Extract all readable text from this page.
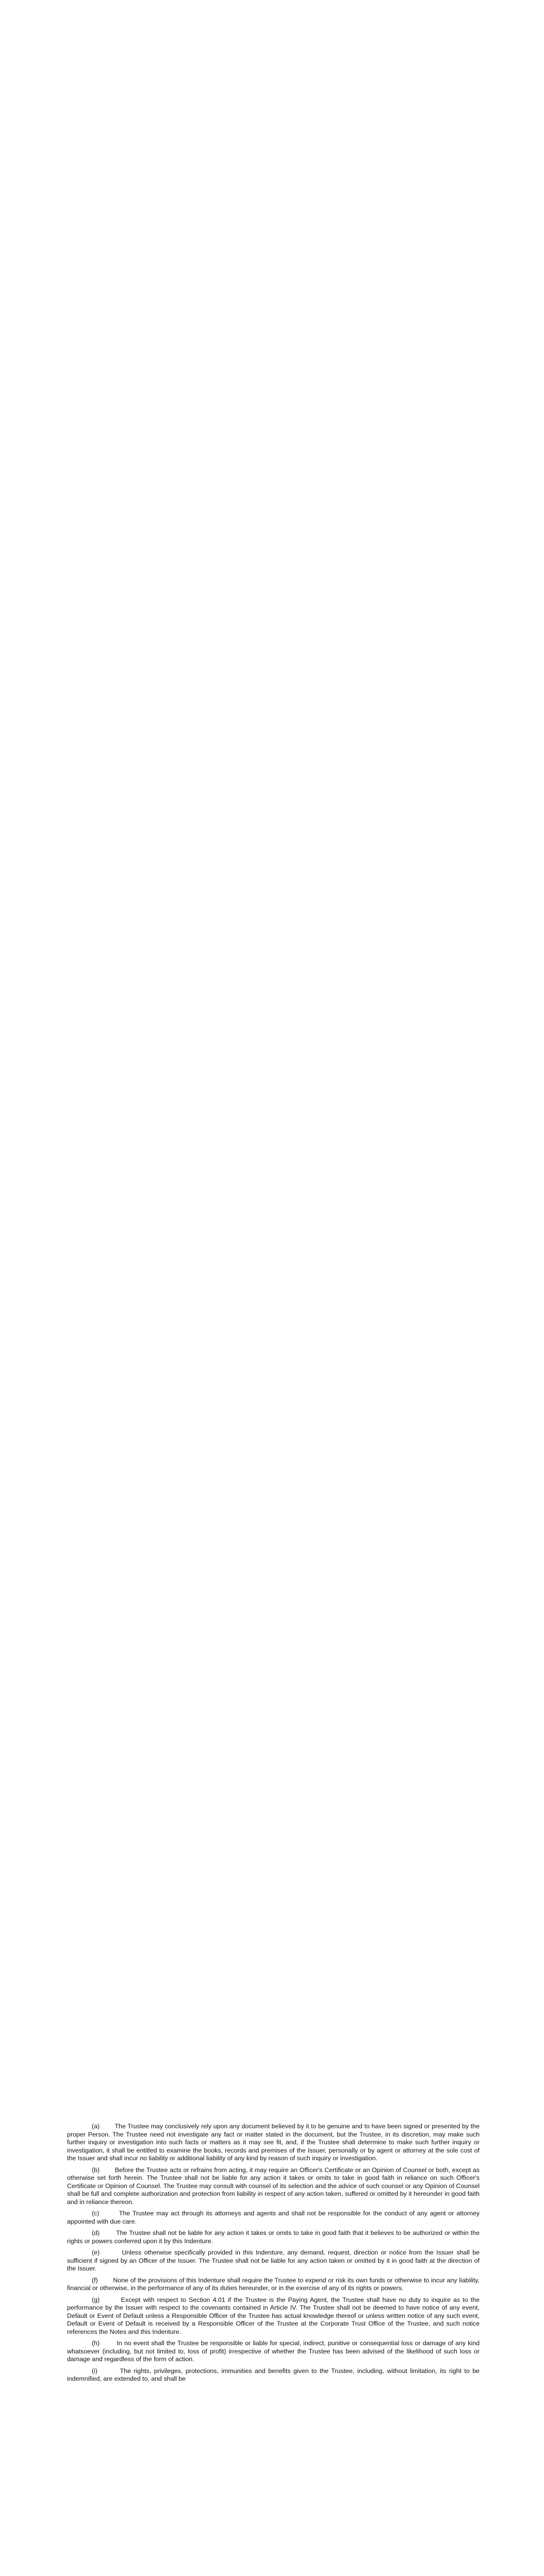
(a) The Trustee may conclusively rely upon any document believed by it to be genuine and to have been signed or presented by the proper Person. The Trustee need not investigate any fact or matter stated in the document, but the Trustee, in its discretion, may make such further inquiry or investigation into such facts or matters as it may see fit, and, if the Trustee shall determine to make such further inquiry or investigation, it shall be entitled to examine the books, records and premises of the Issuer, personally or by agent or attorney at the sole cost of the Issuer and shall incur no liability or additional liability of any kind by reason of such inquiry or investigation.

(b) Before the Trustee acts or refrains from acting, it may require an Officer's Certificate or an Opinion of Counsel or both, except as otherwise set forth herein. The Trustee shall not be liable for any action it takes or omits to take in good faith in reliance on such Officer's Certificate or Opinion of Counsel. The Trustee may consult with counsel of its selection and the advice of such counsel or any Opinion of Counsel shall be full and complete authorization and protection from liability in respect of any action taken, suffered or omitted by it hereunder in good faith and in reliance thereon.

(c)	The Trustee may act through its attorneys and agents and shall not be responsible for the conduct of any agent or attorney appointed with due care.

(d)	The Trustee shall not be liable for any action it takes or omits to take in good faith that it believes to be authorized or within the rights or powers conferred upon it by this Indenture.

(e)	Unless otherwise specifically provided in this Indenture, any demand, request, direction or notice from the Issuer shall be sufficient if signed by an Officer of the Issuer. The Trustee shall not be liable for any action taken or omitted by it in good faith at the direction of the Issuer.

(f) None of the provisions of this Indenture shall require the Trustee to expend or risk its own funds or otherwise to incur any liability, financial or otherwise, in the performance of any of its duties hereunder, or in the exercise of any of its rights or powers.

(g)	Except with respect to Section 4.01 if the Trustee is the Paying Agent, the Trustee shall have no duty to inquire as to the performance by the Issuer with respect to the covenants contained in Article IV. The Trustee shall not be deemed to have notice of any event, Default or Event of Default unless a Responsible Officer of the Trustee has actual knowledge thereof or unless written notice of any such event, Default or Event of Default is received by a Responsible Officer of the Trustee at the Corporate Trust Office of the Trustee, and such notice references the Notes and this Indenture.

(h)	In no event shall the Trustee be responsible or liable for special, indirect, punitive or consequential loss or damage of any kind whatsoever (including, but not limited to, loss of profit) irrespective of whether the Trustee has been advised of the likelihood of such loss or damage and regardless of the form of action.

(i)	The rights, privileges, protections, immunities and benefits given to the Trustee, including, without limitation, its right to be indemnified, are extended to, and shall be
